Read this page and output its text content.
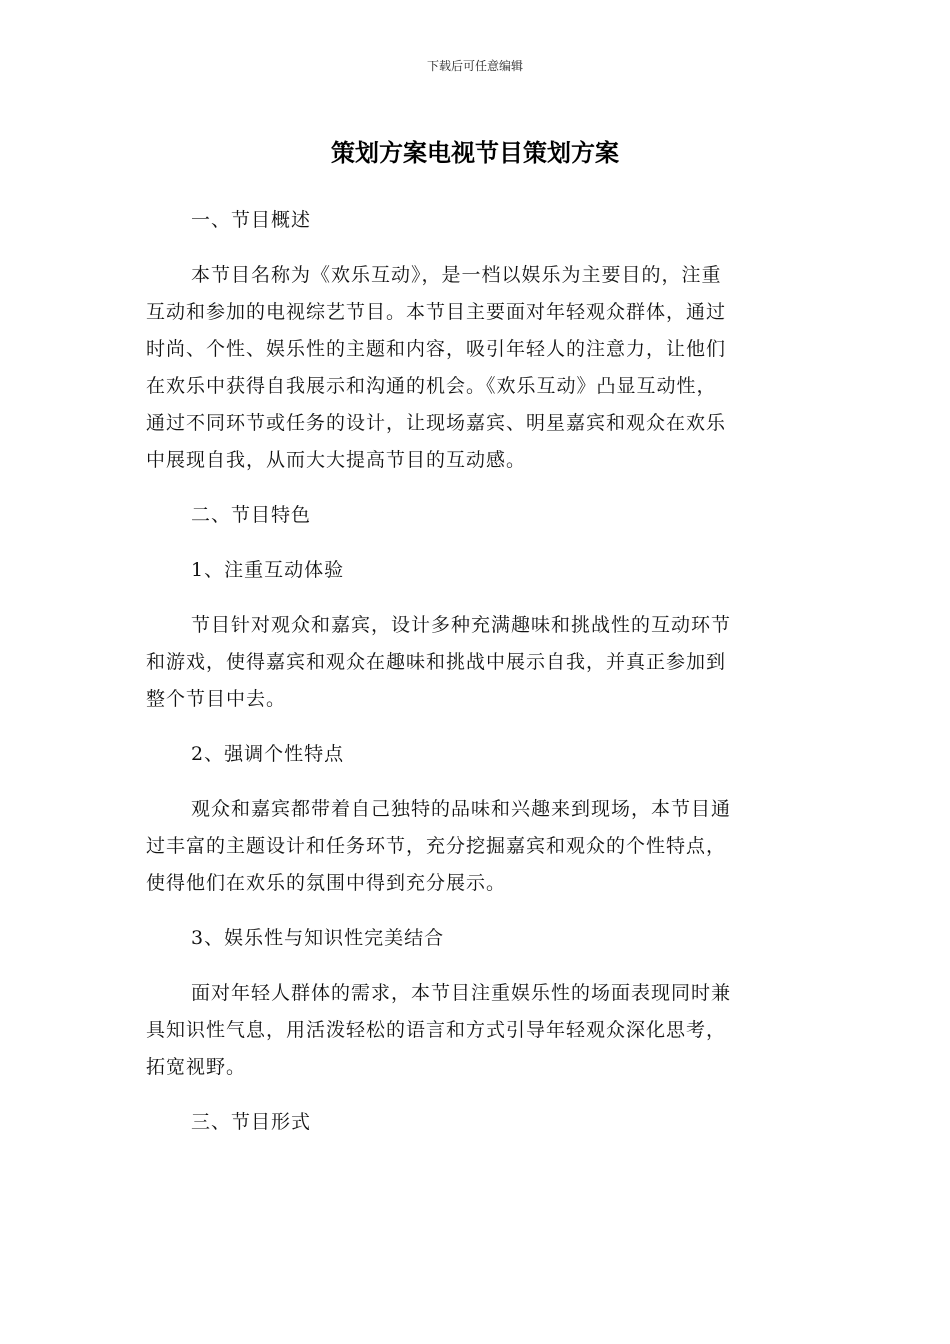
下载后可任意编辑
策划方案电视节目策划方案

一、节目概述

本节目名称为《欢乐互动》，是一档以娱乐为主要目的，注重
互动和参加的电视综艺节目。本节目主要面对年轻观众群体，通过
时尚、个性、娱乐性的主题和内容，吸引年轻人的注意力，让他们
在欢乐中获得自我展示和沟通的机会。《欢乐互动》凸显互动性，
通过不同环节或任务的设计，让现场嘉宾、明星嘉宾和观众在欢乐
中展现自我，从而大大提高节目的互动感。

二、节目特色

1、注重互动体验

节目针对观众和嘉宾，设计多种充满趣味和挑战性的互动环节
和游戏，使得嘉宾和观众在趣味和挑战中展示自我，并真正参加到
整个节目中去。

2、强调个性特点

观众和嘉宾都带着自己独特的品味和兴趣来到现场，本节目通
过丰富的主题设计和任务环节，充分挖掘嘉宾和观众的个性特点，
使得他们在欢乐的氛围中得到充分展示。

3、娱乐性与知识性完美结合

面对年轻人群体的需求，本节目注重娱乐性的场面表现同时兼
具知识性气息，用活泼轻松的语言和方式引导年轻观众深化思考，
拓宽视野。

三、节目形式
